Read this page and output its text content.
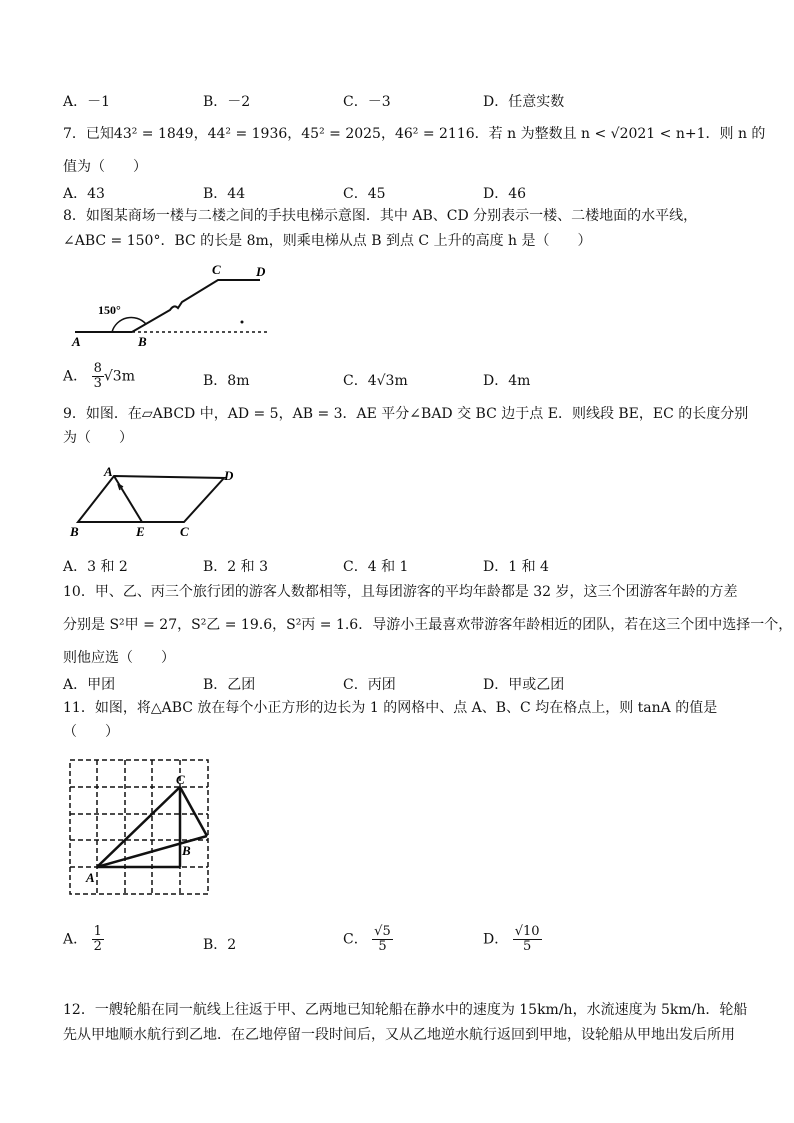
A．－1	B．－2	C．－3	D．任意实数
7．已知43² = 1849，44² = 1936，45² = 2025，46² = 2116．若 n 为整数且 n < √2021 < n+1．则 n 的
值为（　　）
A．43	B．44	C．45	D．46
8．如图某商场一楼与二楼之间的手扶电梯示意图．其中 AB、CD 分别表示一楼、二楼地面的水平线，
∠ABC = 150°．BC 的长是 8m，则乘电梯从点 B 到点 C 上升的高度 h 是（　　）
150°
A	B
C	D
A． $\frac{8}{3} √3m$	B．8m	C．4√3m	D．4m
9．如图．在▱ABCD 中，AD = 5，AB = 3．AE 平分∠BAD 交 BC 边于点 E．则线段 BE，EC 的长度分别
为（　　）
A	D
B	E	C
A．3 和 2	B．2 和 3	C．4 和 1	D．1 和 4
10．甲、乙、丙三个旅行团的游客人数都相等，且每团游客的平均年龄都是 32 岁，这三个团游客年龄的方差
分别是 S²甲 = 27，S²乙 = 19.6，S²丙 = 1.6．导游小王最喜欢带游客年龄相近的团队，若在这三个团中选择一个，
则他应选（　　）
A．甲团	B．乙团	C．丙团	D．甲或乙团
11．如图，将△ABC 放在每个小正方形的边长为 1 的网格中、点 A、B、C 均在格点上，则 tanA 的值是
（　　）
C
B
A
A． $\frac{1}{2}$	B．2	C． $\frac{√5}{5}$	D． $\frac{√10}{5}$
12．一艘轮船在同一航线上往返于甲、乙两地已知轮船在静水中的速度为 15km/h，水流速度为 5km/h．轮船
先从甲地顺水航行到乙地．在乙地停留一段时间后，又从乙地逆水航行返回到甲地，设轮船从甲地出发后所用
